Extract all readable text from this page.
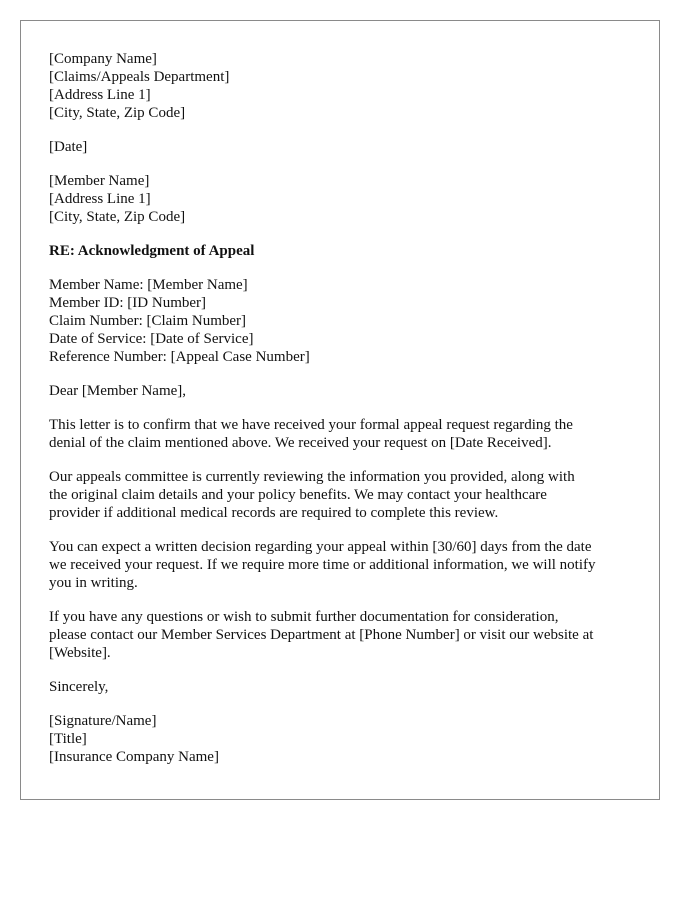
[Company Name]
[Claims/Appeals Department]
[Address Line 1]
[City, State, Zip Code]
[Date]
[Member Name]
[Address Line 1]
[City, State, Zip Code]
RE: Acknowledgment of Appeal
Member Name: [Member Name]
Member ID: [ID Number]
Claim Number: [Claim Number]
Date of Service: [Date of Service]
Reference Number: [Appeal Case Number]
Dear [Member Name],
This letter is to confirm that we have received your formal appeal request regarding the
denial of the claim mentioned above. We received your request on [Date Received].
Our appeals committee is currently reviewing the information you provided, along with
the original claim details and your policy benefits. We may contact your healthcare
provider if additional medical records are required to complete this review.
You can expect a written decision regarding your appeal within [30/60] days from the date
we received your request. If we require more time or additional information, we will notify
you in writing.
If you have any questions or wish to submit further documentation for consideration,
please contact our Member Services Department at [Phone Number] or visit our website at
[Website].
Sincerely,
[Signature/Name]
[Title]
[Insurance Company Name]
